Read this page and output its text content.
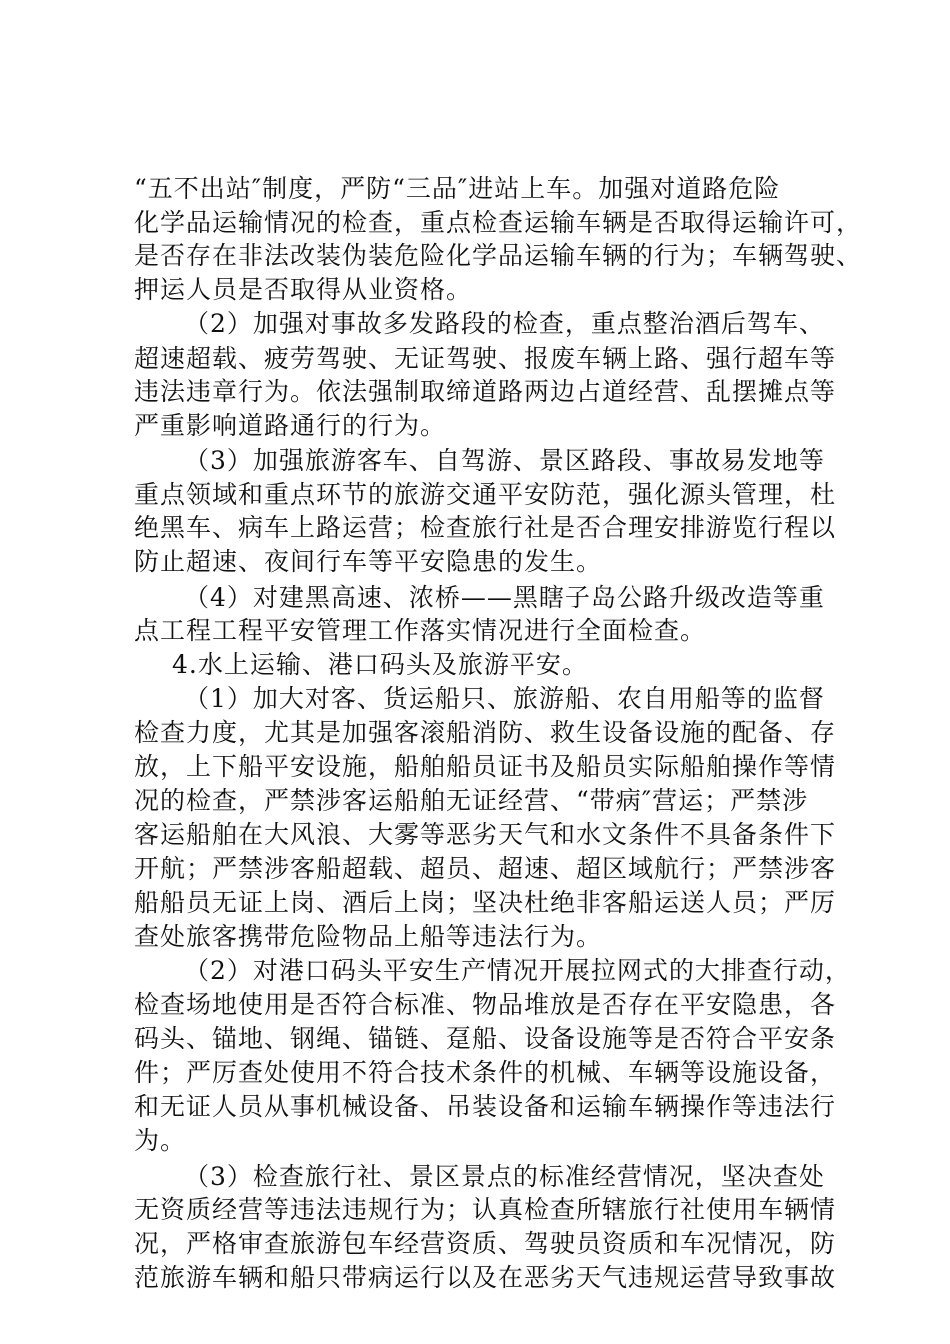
“五不出站″制度，严防“三品″进站上车。加强对道路危险
化学品运输情况的检查，重点检查运输车辆是否取得运输许可，
是否存在非法改装伪装危险化学品运输车辆的行为；车辆驾驶、
押运人员是否取得从业资格。
（2）加强对事故多发路段的检查，重点整治酒后驾车、
超速超载、疲劳驾驶、无证驾驶、报废车辆上路、强行超车等
违法违章行为。依法强制取缔道路两边占道经营、乱摆摊点等
严重影响道路通行的行为。
（3）加强旅游客车、自驾游、景区路段、事故易发地等
重点领域和重点环节的旅游交通平安防范，强化源头管理，杜
绝黑车、病车上路运营；检查旅行社是否合理安排游览行程以
防止超速、夜间行车等平安隐患的发生。
（4）对建黑高速、浓桥——黑瞎子岛公路升级改造等重
点工程工程平安管理工作落实情况进行全面检查。
4.水上运输、港口码头及旅游平安。
（1）加大对客、货运船只、旅游船、农自用船等的监督
检查力度，尤其是加强客滚船消防、救生设备设施的配备、存
放，上下船平安设施，船舶船员证书及船员实际船舶操作等情
况的检查，严禁涉客运船舶无证经营、“带病″营运；严禁涉
客运船舶在大风浪、大雾等恶劣天气和水文条件不具备条件下
开航；严禁涉客船超载、超员、超速、超区域航行；严禁涉客
船船员无证上岗、酒后上岗；坚决杜绝非客船运送人员；严厉
查处旅客携带危险物品上船等违法行为。
（2）对港口码头平安生产情况开展拉网式的大排查行动，
检查场地使用是否符合标准、物品堆放是否存在平安隐患，各
码头、锚地、钢绳、锚链、趸船、设备设施等是否符合平安条
件；严厉查处使用不符合技术条件的机械、车辆等设施设备，
和无证人员从事机械设备、吊装设备和运输车辆操作等违法行
为。
（3）检查旅行社、景区景点的标准经营情况，坚决查处
无资质经营等违法违规行为；认真检查所辖旅行社使用车辆情
况，严格审查旅游包车经营资质、驾驶员资质和车况情况，防
范旅游车辆和船只带病运行以及在恶劣天气违规运营导致事故
